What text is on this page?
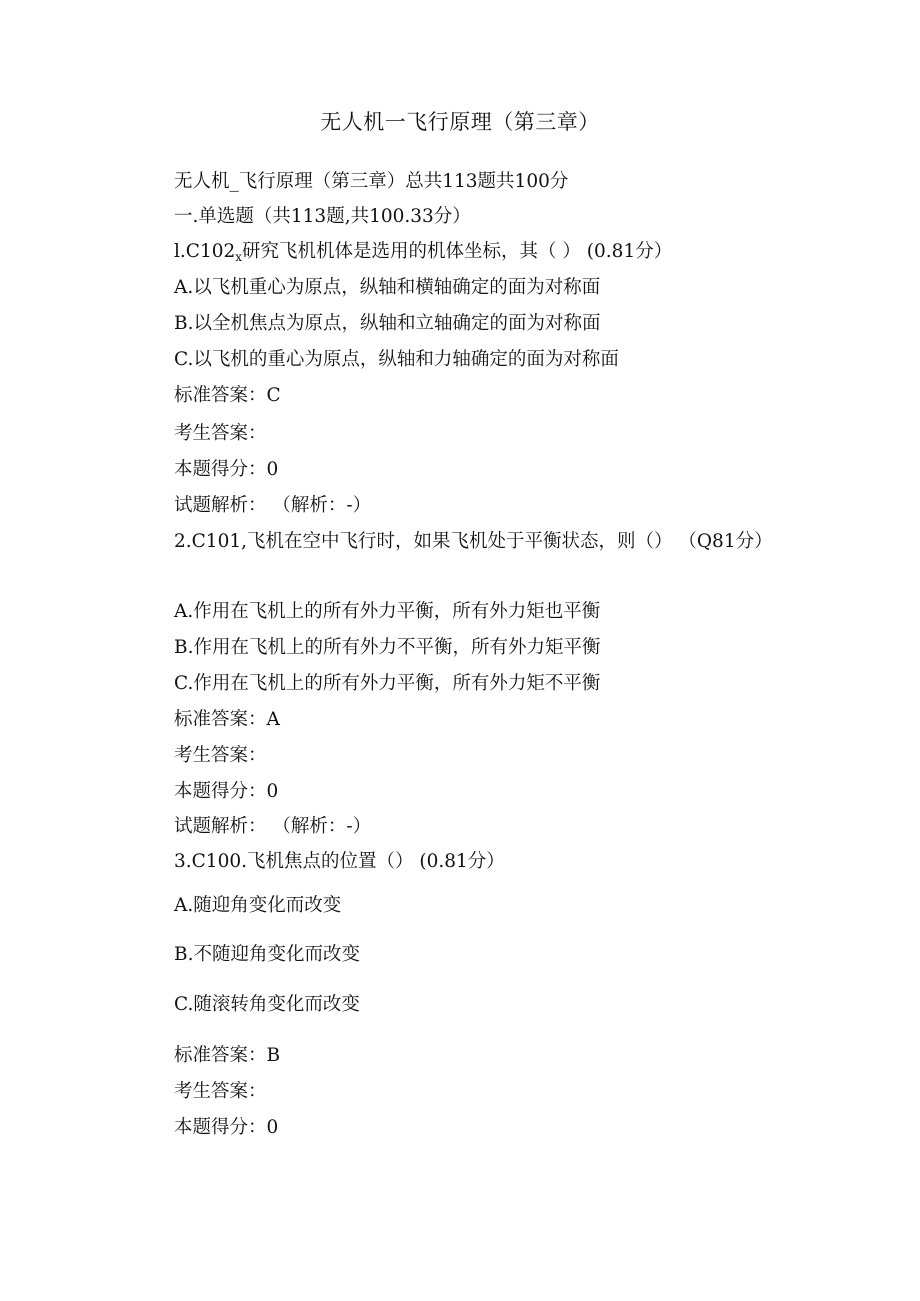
无人机一飞行原理（第三章）
无人机_飞行原理（第三章）总共113题共100分
一.单选题（共113题,共100.33分）
$l.C102_x$研究飞机机体是选用的机体坐标，其（ ） (0.81分）
A.以飞机重心为原点，纵轴和横轴确定的面为对称面
B.以全机焦点为原点，纵轴和立轴确定的面为对称面
C.以飞机的重心为原点，纵轴和力轴确定的面为对称面
标准答案：C
考生答案：
本题得分：0
试题解析： （解析：-）
2.C101,飞机在空中飞行时，如果飞机处于平衡状态，则（） （Q81分）
A.作用在飞机上的所有外力平衡，所有外力矩也平衡
B.作用在飞机上的所有外力不平衡，所有外力矩平衡
C.作用在飞机上的所有外力平衡，所有外力矩不平衡
标准答案：A
考生答案：
本题得分：0
试题解析： （解析：-）
3.C100.飞机焦点的位置（） (0.81分）
A.随迎角变化而改变
B.不随迎角变化而改变
C.随滚转角变化而改变
标准答案：B
考生答案：
本题得分：0
